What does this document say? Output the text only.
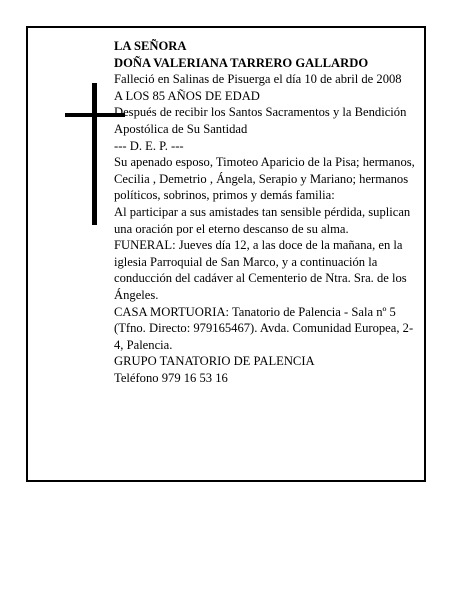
LA SEÑORA

DOÑA VALERIANA TARRERO GALLARDO

Falleció en Salinas de Pisuerga el día 10 de abril de 2008

A LOS 85 AÑOS DE EDAD

Después de recibir los Santos Sacramentos y la Bendición Apostólica de Su Santidad

--- D. E. P. ---

Su apenado esposo, Timoteo Aparicio de la Pisa; hermanos, Cecilia , Demetrio , Ángela, Serapio y Mariano; hermanos políticos, sobrinos, primos y demás familia:

Al participar a sus amistades tan sensible pérdida, suplican una oración por el eterno descanso de su alma.

FUNERAL: Jueves día 12, a las doce de la mañana, en la iglesia Parroquial de San Marco, y a continuación la conducción del cadáver al Cementerio de Ntra. Sra. de los Ángeles.

CASA MORTUORIA: Tanatorio de Palencia - Sala nº 5 (Tfno. Directo: 979165467). Avda. Comunidad Europea, 2-4, Palencia.

GRUPO TANATORIO DE PALENCIA

Teléfono 979 16 53 16
